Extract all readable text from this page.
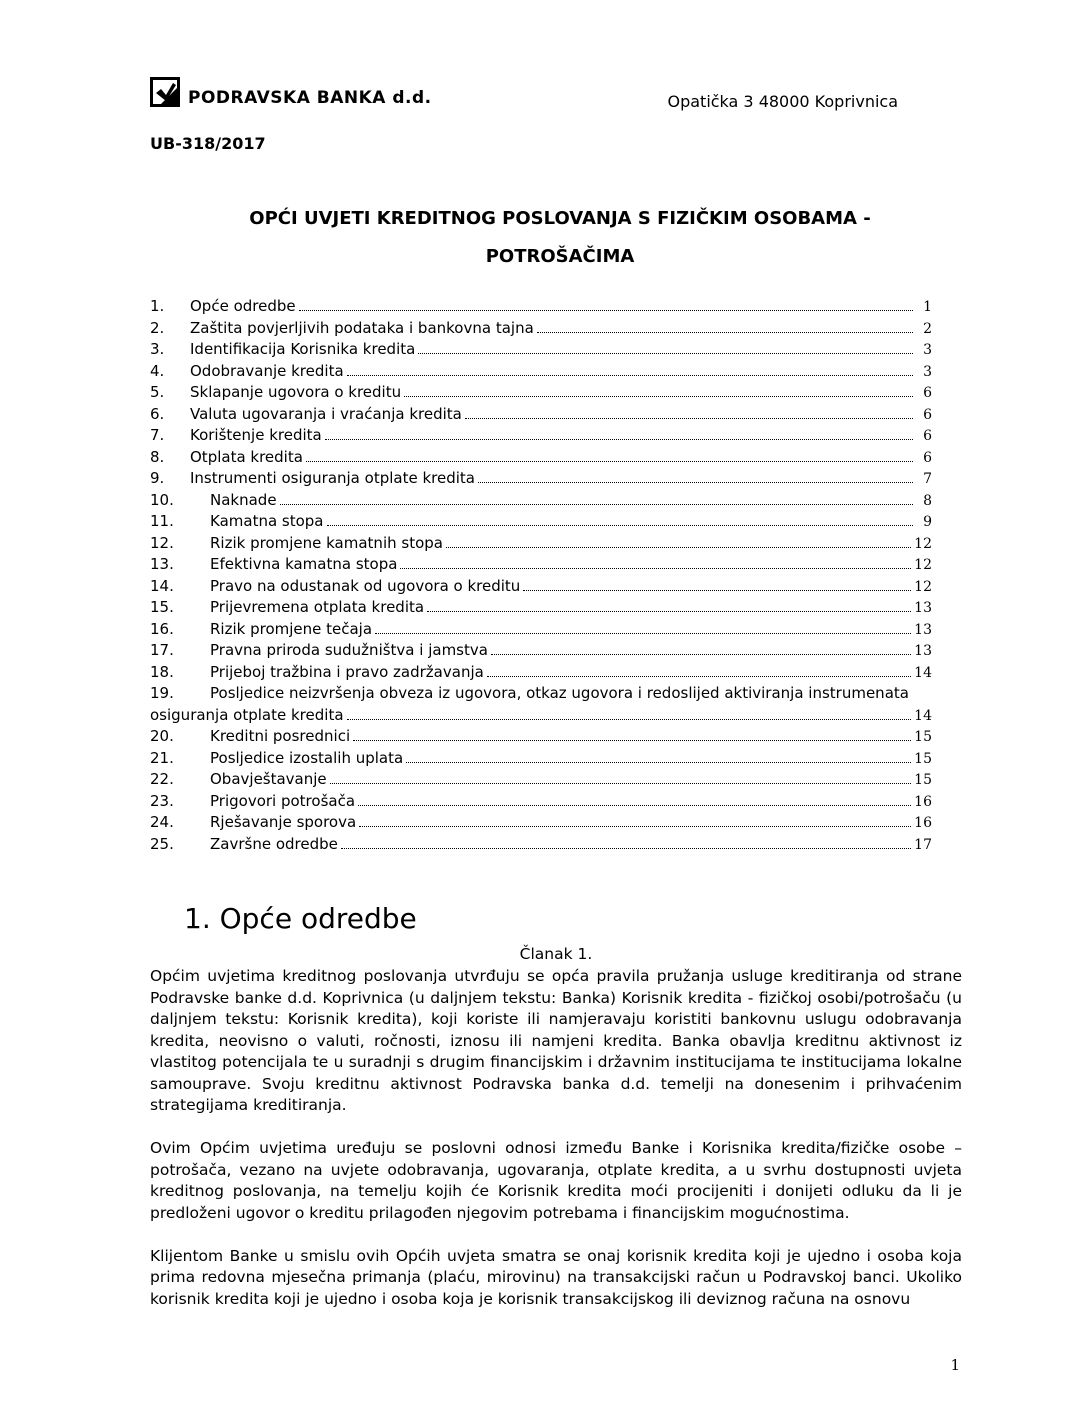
PODRAVSKA BANKA d.d.	Opatička 3 48000 Koprivnica
UB-318/2017
OPĆI UVJETI KREDITNOG POSLOVANJA S FIZIČKIM OSOBAMA -
POTROŠAČIMA
1.	Opće odredbe	1
2.	Zaštita povjerljivih podataka i bankovna tajna	2
3.	Identifikacija Korisnika kredita	3
4.	Odobravanje kredita	3
5.	Sklapanje ugovora o kreditu	6
6.	Valuta ugovaranja i vraćanja kredita	6
7.	Korištenje kredita	6
8.	Otplata kredita	6
9.	Instrumenti osiguranja otplate kredita	7
10.	Naknade	8
11.	Kamatna stopa	9
12.	Rizik promjene kamatnih stopa	12
13.	Efektivna kamatna stopa	12
14.	Pravo na odustanak od ugovora o kreditu	12
15.	Prijevremena otplata kredita	13
16.	Rizik promjene tečaja	13
17.	Pravna priroda sudužništva i jamstva	13
18.	Prijeboj tražbina i pravo zadržavanja	14
19.	Posljedice neizvršenja obveza iz ugovora, otkaz ugovora i redoslijed aktiviranja instrumenata
osiguranja otplate kredita	14
20.	Kreditni posrednici	15
21.	Posljedice izostalih uplata	15
22.	Obavještavanje	15
23.	Prigovori potrošača	16
24.	Rješavanje sporova	16
25.	Završne odredbe	17
1. Opće odredbe
Članak 1.

Općim uvjetima kreditnog poslovanja utvrđuju se opća pravila pružanja usluge kreditiranja od strane Podravske banke d.d. Koprivnica (u daljnjem tekstu: Banka) Korisnik kredita - fizičkoj osobi/potrošaču (u daljnjem tekstu: Korisnik kredita), koji koriste ili namjeravaju koristiti bankovnu uslugu odobravanja kredita, neovisno o valuti, ročnosti, iznosu ili namjeni kredita. Banka obavlja kreditnu aktivnost iz vlastitog potencijala te u suradnji s drugim financijskim i državnim institucijama te institucijama lokalne samouprave. Svoju kreditnu aktivnost Podravska banka d.d. temelji na donesenim i prihvaćenim strategijama kreditiranja.

Ovim Općim uvjetima uređuju se poslovni odnosi između Banke i Korisnika kredita/fizičke osobe – potrošača, vezano na uvjete odobravanja, ugovaranja, otplate kredita, a u svrhu dostupnosti uvjeta kreditnog poslovanja, na temelju kojih će Korisnik kredita moći procijeniti i donijeti odluku da li je predloženi ugovor o kreditu prilagođen njegovim potrebama i financijskim mogućnostima.

Klijentom Banke u smislu ovih Općih uvjeta smatra se onaj korisnik kredita koji je ujedno i osoba koja prima redovna mjesečna primanja (plaću, mirovinu) na transakcijski račun u Podravskoj banci. Ukoliko korisnik kredita koji je ujedno i osoba koja je korisnik transakcijskog ili deviznog računa na osnovu

1
